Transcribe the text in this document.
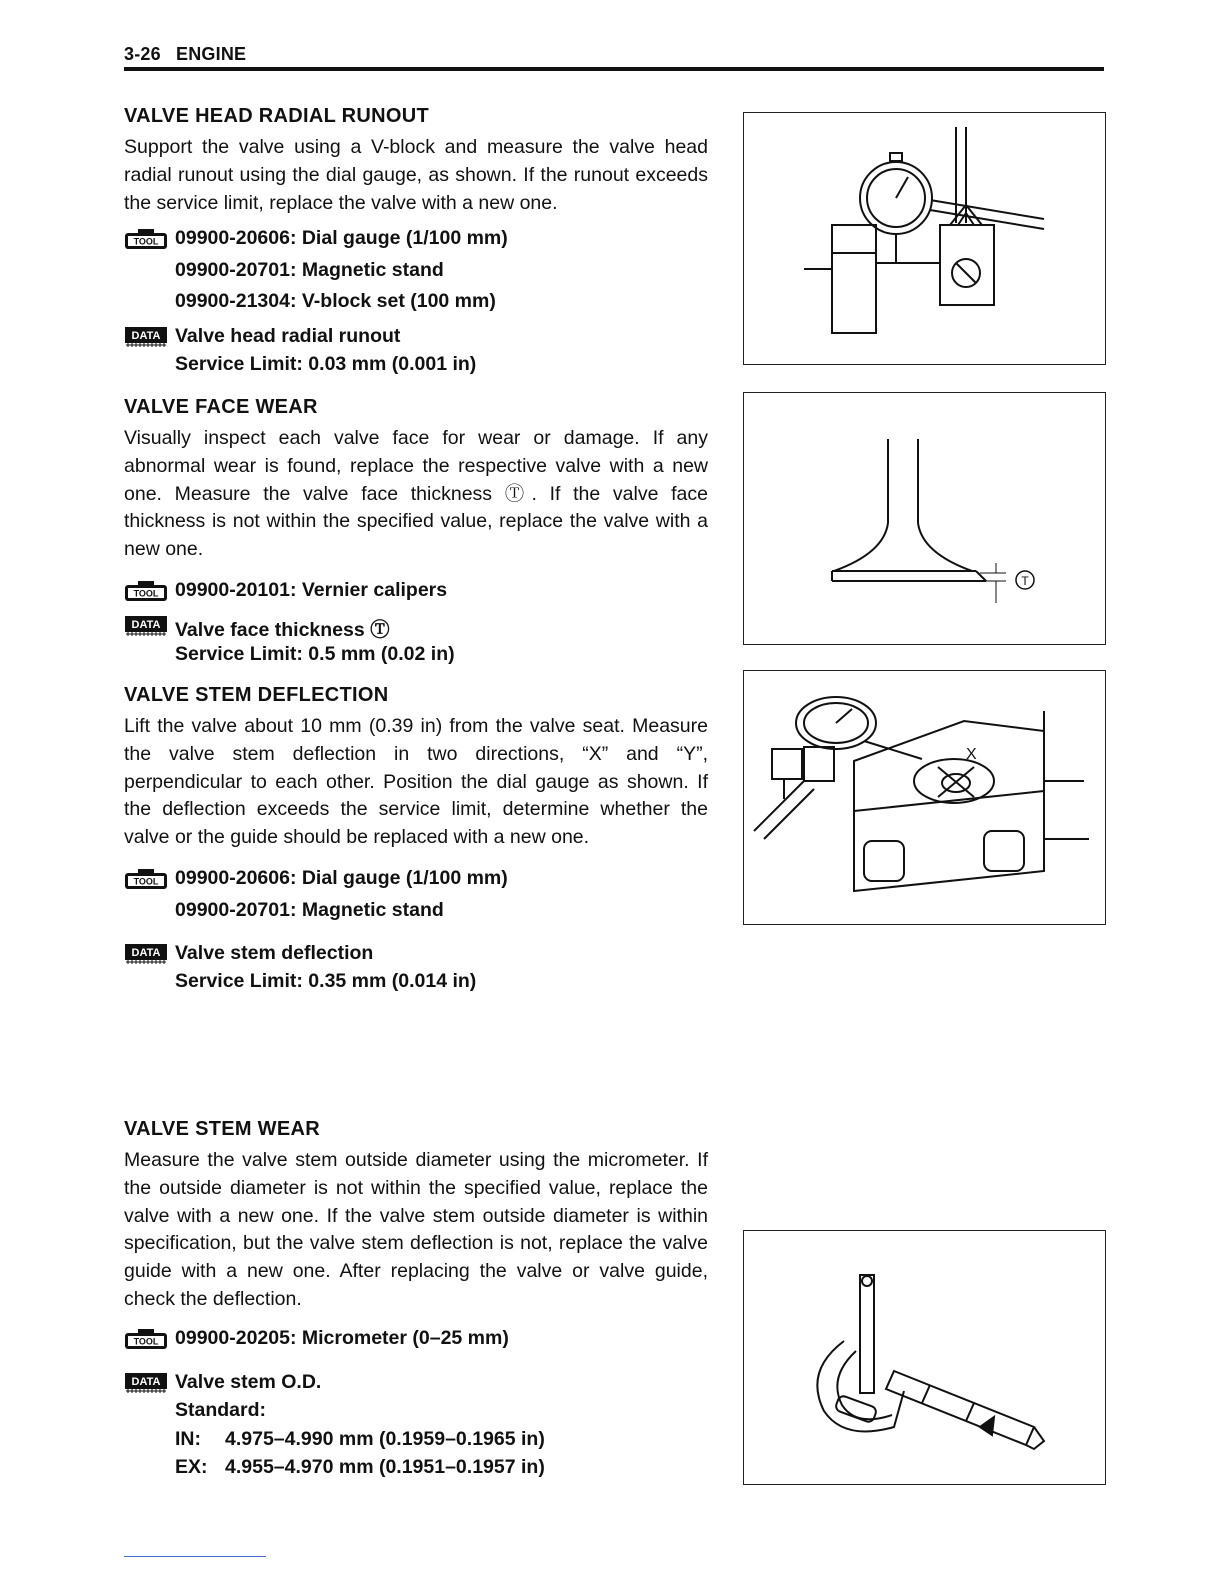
3-26 ENGINE
VALVE HEAD RADIAL RUNOUT

Support the valve using a V-block and measure the valve head radial runout using the dial gauge, as shown. If the runout exceeds the service limit, replace the valve with a new one.

TOOL 09900-20606: Dial gauge (1/100 mm)
09900-20701: Magnetic stand
09900-21304: V-block set (100 mm)
DATA Valve head radial runout
Service Limit: 0.03 mm (0.001 in)
VALVE FACE WEAR

Visually inspect each valve face for wear or damage. If any abnormal wear is found, replace the respective valve with a new one. Measure the valve face thickness Ⓣ. If the valve face thickness is not within the specified value, replace the valve with a new one.

TOOL 09900-20101: Vernier calipers
DATA Valve face thickness Ⓣ
Service Limit: 0.5 mm (0.02 in)
VALVE STEM DEFLECTION

Lift the valve about 10 mm (0.39 in) from the valve seat. Measure the valve stem deflection in two directions, “X” and “Y”, perpendicular to each other. Position the dial gauge as shown. If the deflection exceeds the service limit, determine whether the valve or the guide should be replaced with a new one.

TOOL 09900-20606: Dial gauge (1/100 mm)
09900-20701: Magnetic stand
DATA Valve stem deflection
Service Limit: 0.35 mm (0.014 in)
VALVE STEM WEAR

Measure the valve stem outside diameter using the micrometer. If the outside diameter is not within the specified value, replace the valve with a new one. If the valve stem outside diameter is within specification, but the valve stem deflection is not, replace the valve guide with a new one. After replacing the valve or valve guide, check the deflection.

TOOL 09900-20205: Micrometer (0–25 mm)
DATA Valve stem O.D.
Standard:
IN: 4.975–4.990 mm (0.1959–0.1965 in)
EX: 4.955–4.970 mm (0.1951–0.1957 in)
T
X
